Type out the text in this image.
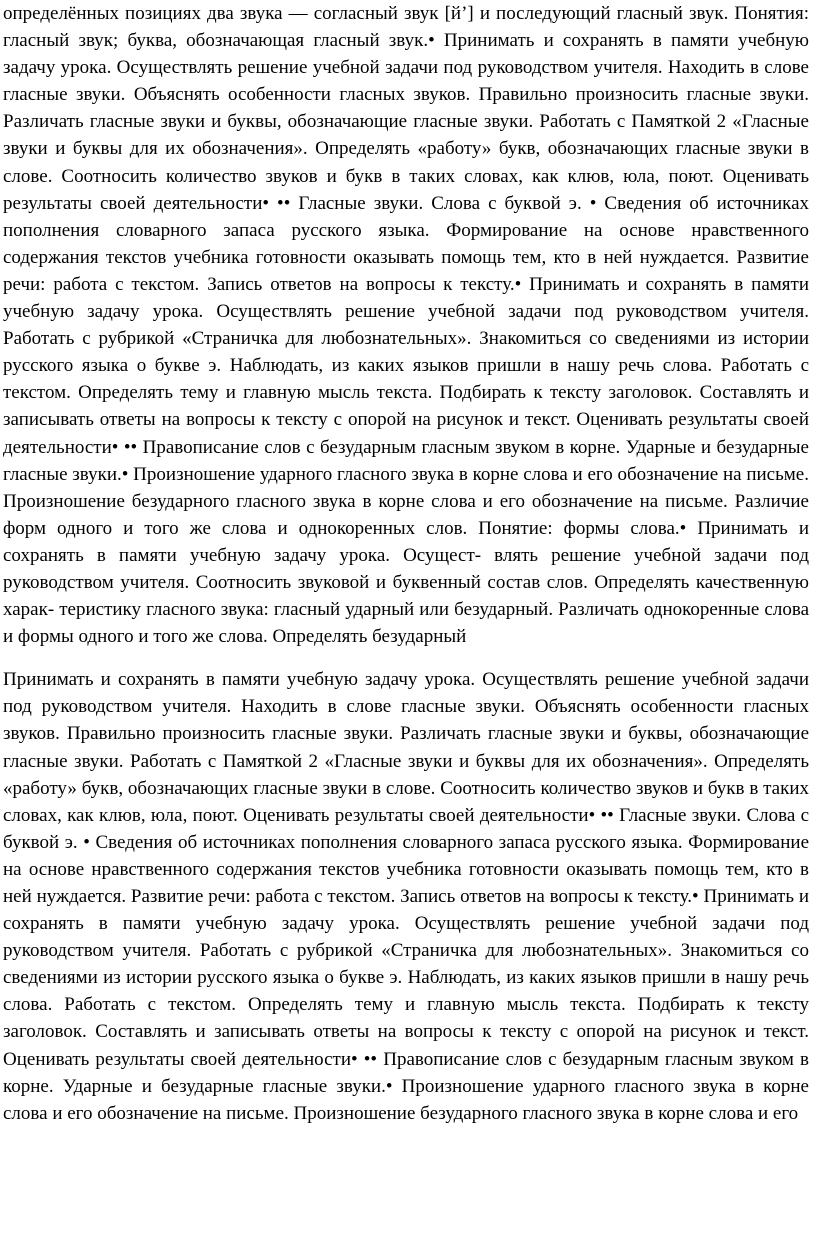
определённых позициях два звука — согласный звук [й’] и последующий гласный звук. Понятия: гласный звук; буква, обозначающая гласный звук.• Принимать и сохранять в памяти учебную задачу урока. Осуществлять решение учебной задачи под руководством учителя. Находить в слове гласные звуки. Объяснять особенности гласных звуков. Правильно произносить гласные звуки. Различать гласные звуки и буквы, обозначающие гласные звуки. Работать с Памяткой 2 «Гласные звуки и буквы для их обозначения». Определять «работу» букв, обозначающих гласные звуки в слове. Соотносить количество звуков и букв в таких словах, как клюв, юла, поют. Оценивать результаты своей деятельности• •• Гласные звуки. Слова с буквой э. • Сведения об источниках пополнения словарного запаса русского языка. Формирование на основе нравственного содержания текстов учебника готовности оказывать помощь тем, кто в ней нуждается. Развитие речи: работа с текстом. Запись ответов на вопросы к тексту.• Принимать и сохранять в памяти учебную задачу урока. Осуществлять решение учебной задачи под руководством учителя. Работать с рубрикой «Страничка для любознательных». Знакомиться со сведениями из истории русского языка о букве э. Наблюдать, из каких языков пришли в нашу речь слова. Работать с текстом. Определять тему и главную мысль текста. Подбирать к тексту заголовок. Составлять и записывать ответы на вопросы к тексту с опорой на рисунок и текст. Оценивать результаты своей деятельности• •• Правописание слов с безударным гласным звуком в корне. Ударные и безударные гласные звуки.• Произношение ударного гласного звука в корне слова и его обозначение на письме. Произношение безударного гласного звука в корне слова и его обозначение на письме. Различие форм одного и того же слова и однокоренных слов. Понятие: формы слова.• Принимать и сохранять в памяти учебную задачу урока. Осущест- влять решение учебной задачи под руководством учителя. Соотносить звуковой и буквенный состав слов. Определять качественную харак- теристику гласного звука: гласный ударный или безударный. Различать однокоренные слова и формы одного и того же слова. Определять безударный

Принимать и сохранять в памяти учебную задачу урока. Осуществлять решение учебной задачи под руководством учителя. Находить в слове гласные звуки. Объяснять особенности гласных звуков. Правильно произносить гласные звуки. Различать гласные звуки и буквы, обозначающие гласные звуки. Работать с Памяткой 2 «Гласные звуки и буквы для их обозначения». Определять «работу» букв, обозначающих гласные звуки в слове. Соотносить количество звуков и букв в таких словах, как клюв, юла, поют. Оценивать результаты своей деятельности• •• Гласные звуки. Слова с буквой э. • Сведения об источниках пополнения словарного запаса русского языка. Формирование на основе нравственного содержания текстов учебника готовности оказывать помощь тем, кто в ней нуждается. Развитие речи: работа с текстом. Запись ответов на вопросы к тексту.• Принимать и сохранять в памяти учебную задачу урока. Осуществлять решение учебной задачи под руководством учителя. Работать с рубрикой «Страничка для любознательных». Знакомиться со сведениями из истории русского языка о букве э. Наблюдать, из каких языков пришли в нашу речь слова. Работать с текстом. Определять тему и главную мысль текста. Подбирать к тексту заголовок. Составлять и записывать ответы на вопросы к тексту с опорой на рисунок и текст. Оценивать результаты своей деятельности• •• Правописание слов с безударным гласным звуком в корне. Ударные и безударные гласные звуки.• Произношение ударного гласного звука в корне слова и его обозначение на письме. Произношение безударного гласного звука в корне слова и его
